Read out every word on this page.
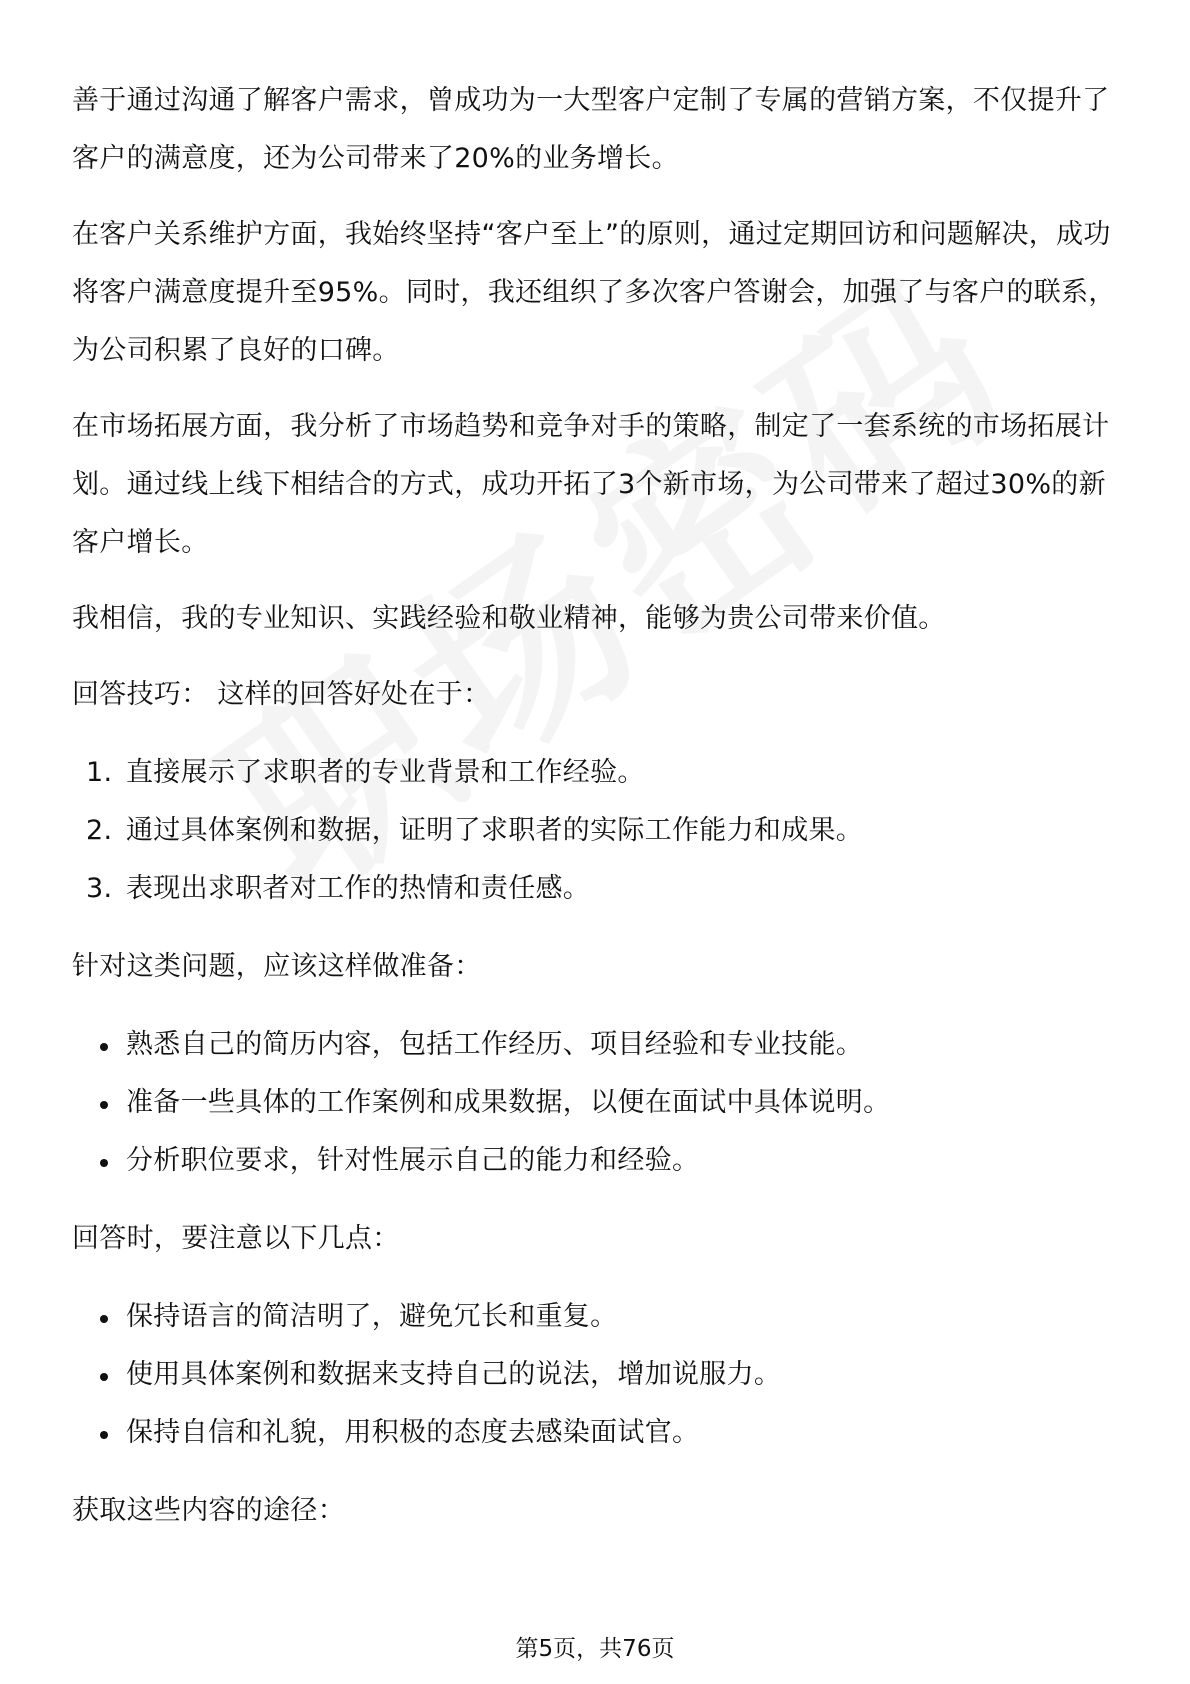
善于通过沟通了解客户需求，曾成功为一大型客户定制了专属的营销方案，不仅提升了客户的满意度，还为公司带来了20%的业务增长。

在客户关系维护方面，我始终坚持“客户至上”的原则，通过定期回访和问题解决，成功将客户满意度提升至95%。同时，我还组织了多次客户答谢会，加强了与客户的联系，为公司积累了良好的口碑。

在市场拓展方面，我分析了市场趋势和竞争对手的策略，制定了一套系统的市场拓展计划。通过线上线下相结合的方式，成功开拓了3个新市场，为公司带来了超过30%的新客户增长。

我相信，我的专业知识、实践经验和敬业精神，能够为贵公司带来价值。

回答技巧： 这样的回答好处在于：

1. 直接展示了求职者的专业背景和工作经验。
2. 通过具体案例和数据，证明了求职者的实际工作能力和成果。
3. 表现出求职者对工作的热情和责任感。

针对这类问题，应该这样做准备：

熟悉自己的简历内容，包括工作经历、项目经验和专业技能。
准备一些具体的工作案例和成果数据，以便在面试中具体说明。
分析职位要求，针对性展示自己的能力和经验。

回答时，要注意以下几点：

保持语言的简洁明了，避免冗长和重复。
使用具体案例和数据来支持自己的说法，增加说服力。
保持自信和礼貌，用积极的态度去感染面试官。

获取这些内容的途径：

第5页，共76页
